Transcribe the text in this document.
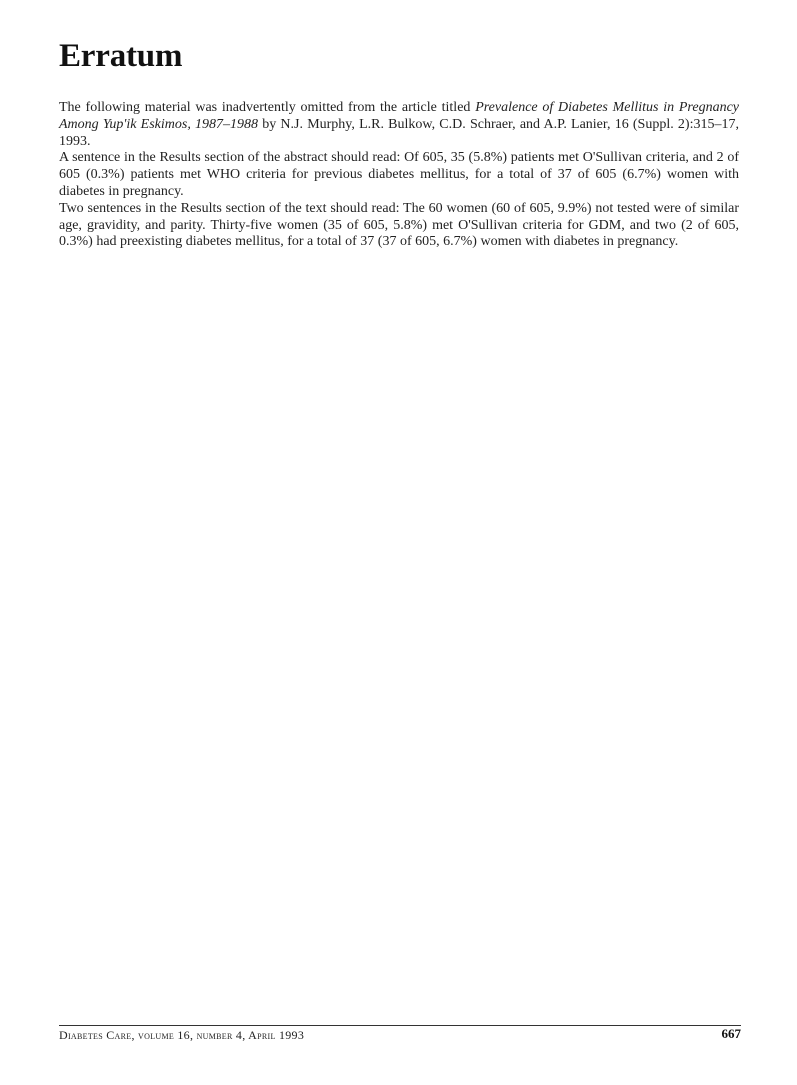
Erratum

The following material was inadvertently omitted from the article titled Prevalence of Diabetes Mellitus in Pregnancy Among Yup'ik Eskimos, 1987–1988 by N.J. Murphy, L.R. Bulkow, C.D. Schraer, and A.P. Lanier, 16 (Suppl. 2):315–17, 1993.

A sentence in the Results section of the abstract should read: Of 605, 35 (5.8%) patients met O'Sullivan criteria, and 2 of 605 (0.3%) patients met WHO criteria for previous diabetes mellitus, for a total of 37 of 605 (6.7%) women with diabetes in pregnancy.

Two sentences in the Results section of the text should read: The 60 women (60 of 605, 9.9%) not tested were of similar age, gravidity, and parity. Thirty-five women (35 of 605, 5.8%) met O'Sullivan criteria for GDM, and two (2 of 605, 0.3%) had preexisting diabetes mellitus, for a total of 37 (37 of 605, 6.7%) women with diabetes in pregnancy.

Diabetes Care, volume 16, number 4, April 1993	667
